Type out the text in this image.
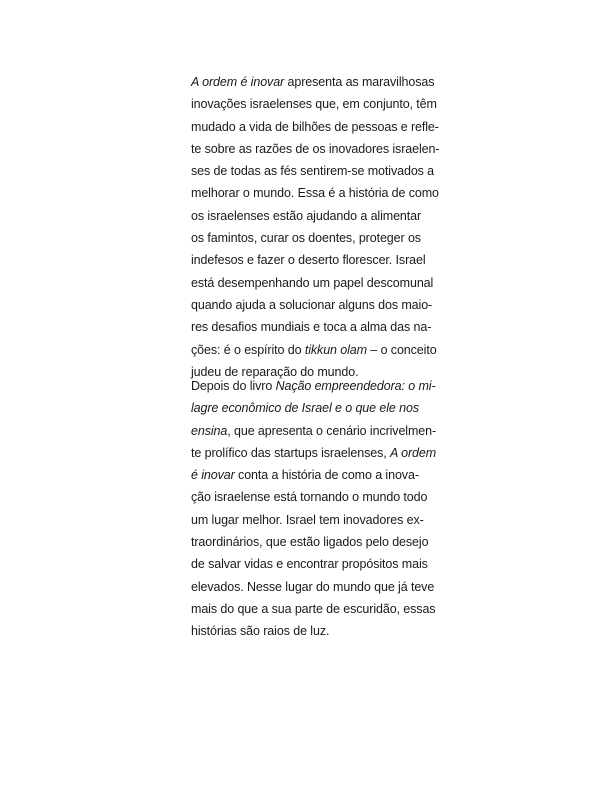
A ordem é inovar apresenta as maravilhosas
inovações israelenses que, em conjunto, têm
mudado a vida de bilhões de pessoas e refle-
te sobre as razões de os inovadores israelen-
ses de todas as fés sentirem-se motivados a
melhorar o mundo. Essa é a história de como
os israelenses estão ajudando a alimentar
os famintos, curar os doentes, proteger os
indefesos e fazer o deserto florescer. Israel
está desempenhando um papel descomunal
quando ajuda a solucionar alguns dos maio-
res desafios mundiais e toca a alma das na-
ções: é o espírito do tikkun olam – o conceito
judeu de reparação do mundo.
Depois do livro Nação empreendedora: o mi-
lagre econômico de Israel e o que ele nos
ensina, que apresenta o cenário incrivelmen-
te prolífico das startups israelenses, A ordem
é inovar conta a história de como a inova-
ção israelense está tornando o mundo todo
um lugar melhor. Israel tem inovadores ex-
traordinários, que estão ligados pelo desejo
de salvar vidas e encontrar propósitos mais
elevados. Nesse lugar do mundo que já teve
mais do que a sua parte de escuridão, essas
histórias são raios de luz.
